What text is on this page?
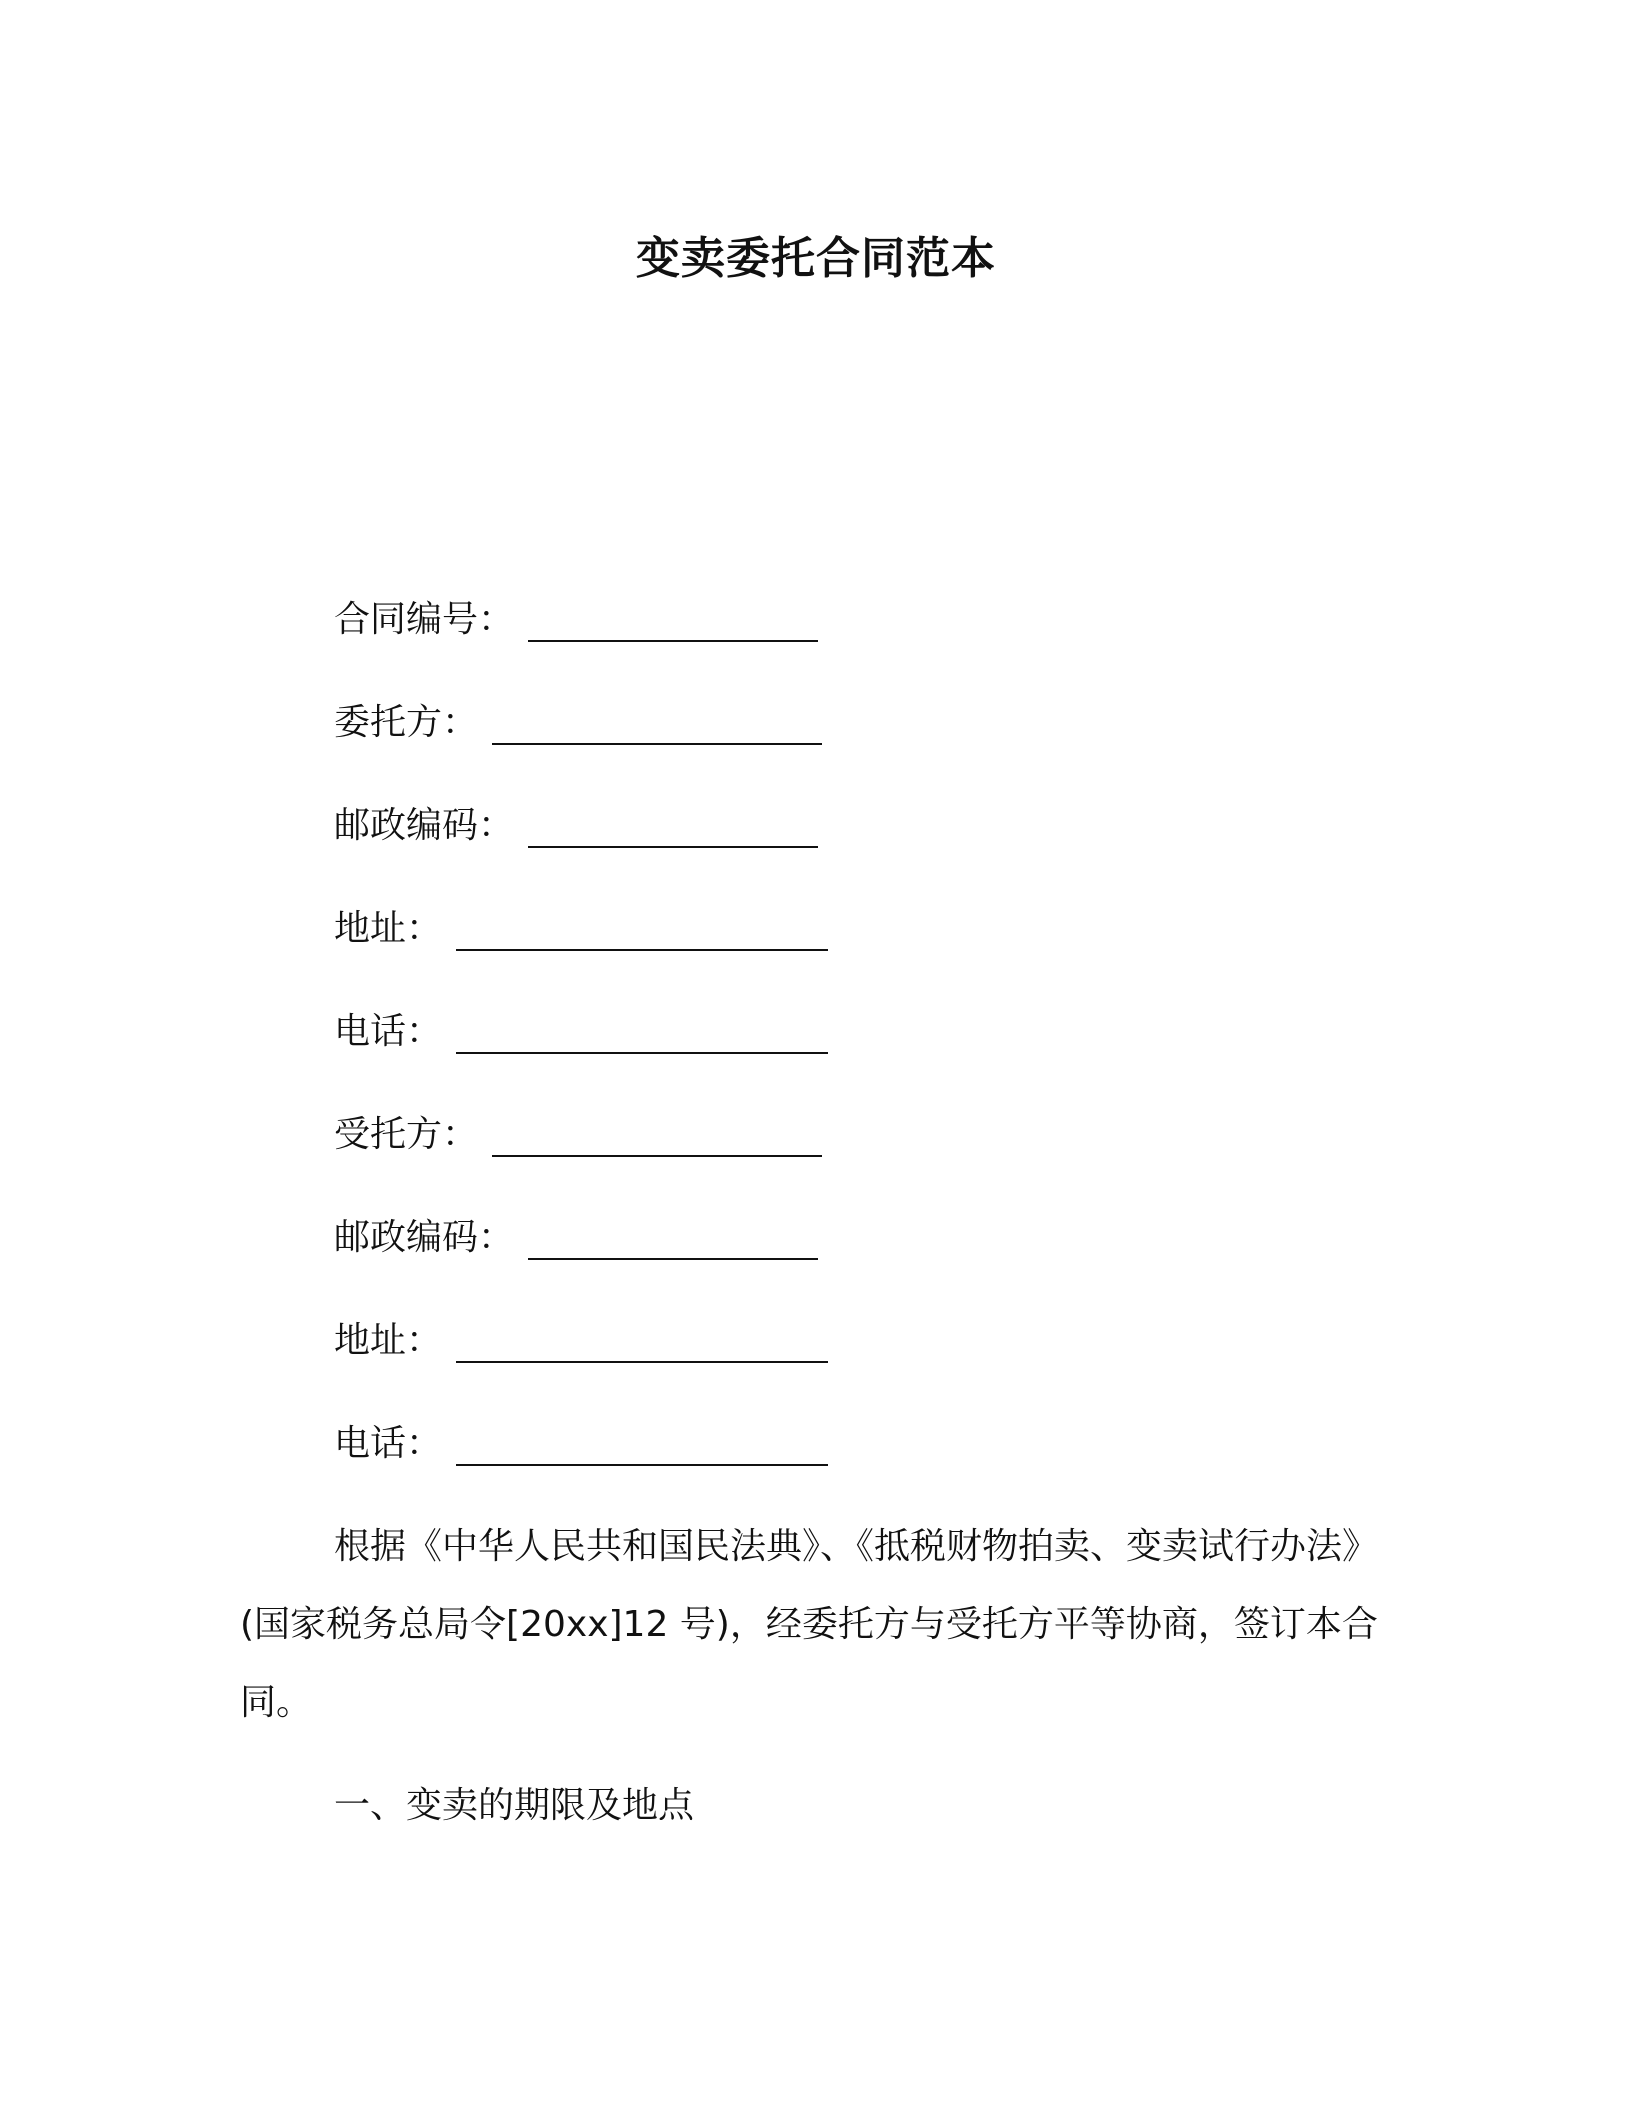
变卖委托合同范本
合同编号：
委托方：
邮政编码：
地址：
电话：
受托方：
邮政编码：
地址：
电话：
根据《中华人民共和国民法典》、《抵税财物拍卖、变卖试行办法》(国家税务总局令[20xx]12 号)，经委托方与受托方平等协商，签订本合同。
一、变卖的期限及地点
